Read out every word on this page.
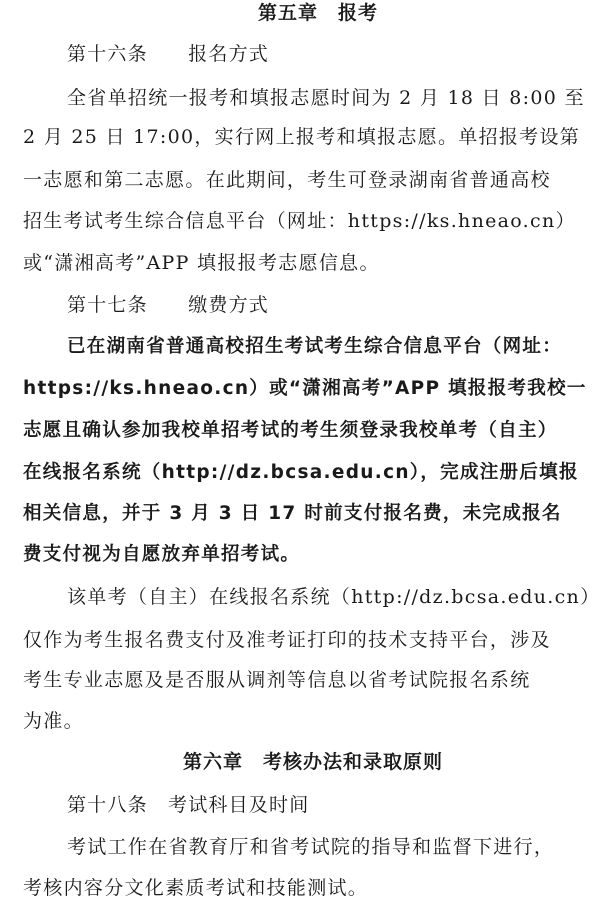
第五章　报考
第十六条　　报名方式
全省单招统一报考和填报志愿时间为 2 月 18 日 8:00 至
2 月 25 日 17:00，实行网上报考和填报志愿。单招报考设第
一志愿和第二志愿。在此期间，考生可登录湖南省普通高校
招生考试考生综合信息平台（网址：https://ks.hneao.cn）
或“潇湘高考”APP 填报报考志愿信息。
第十七条　　缴费方式
已在湖南省普通高校招生考试考生综合信息平台（网址：
https://ks.hneao.cn）或“潇湘高考”APP 填报报考我校一
志愿且确认参加我校单招考试的考生须登录我校单考（自主）
在线报名系统（http://dz.bcsa.edu.cn），完成注册后填报
相关信息，并于 3 月 3 日 17 时前支付报名费，未完成报名
费支付视为自愿放弃单招考试。
该单考（自主）在线报名系统（http://dz.bcsa.edu.cn）
仅作为考生报名费支付及准考证打印的技术支持平台，涉及
考生专业志愿及是否服从调剂等信息以省考试院报名系统
为准。
第六章　考核办法和录取原则
第十八条　考试科目及时间
考试工作在省教育厅和省考试院的指导和监督下进行，
考核内容分文化素质考试和技能测试。
